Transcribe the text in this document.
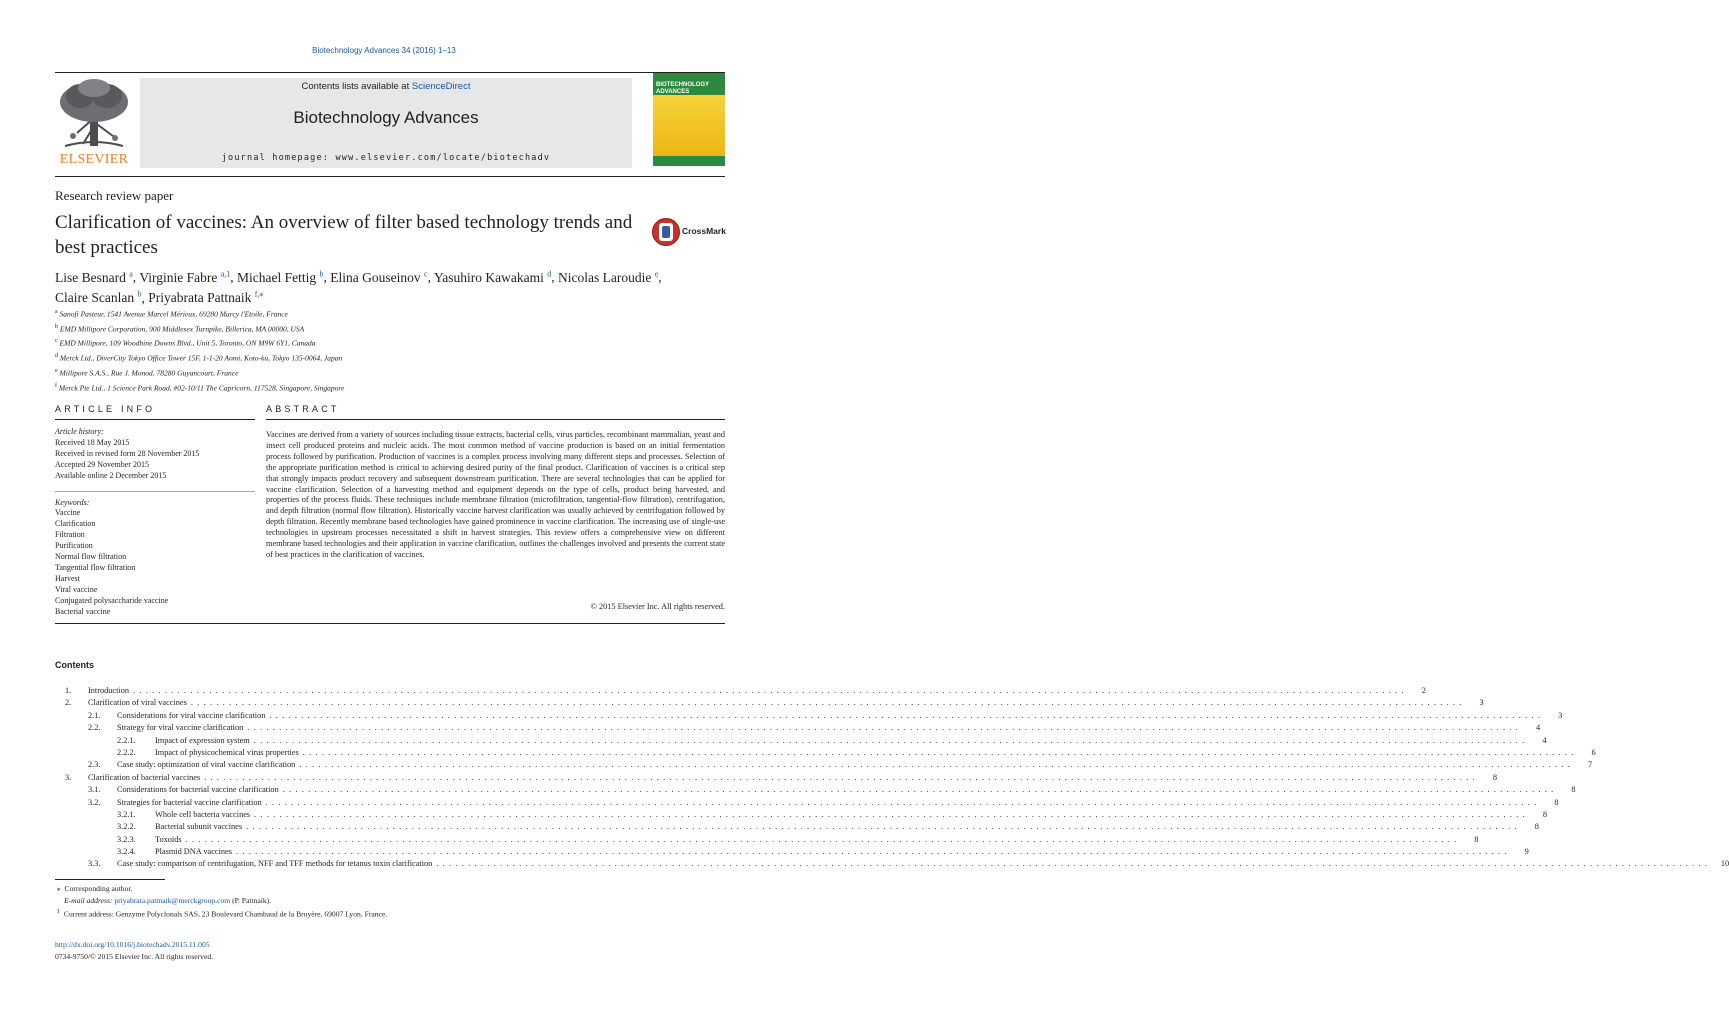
Biotechnology Advances 34 (2016) 1–13
ELSEVIER
Contents lists available at ScienceDirect
Biotechnology Advances
journal homepage: www.elsevier.com/locate/biotechadv
BIOTECHNOLOGY ADVANCES
Research review paper
Clarification of vaccines: An overview of filter based technology trends and best practices
CrossMark
Lise Besnard $^a$, Virginie Fabre $^{a,1}$, Michael Fettig $^b$, Elina Gouseinov $^c$, Yasuhiro Kawakami $^d$, Nicolas Laroudie $^e$,
Claire Scanlan $^b$, Priyabrata Pattnaik $^{f,⁎}$
$^a$ Sanofi Pasteur, 1541 Avenue Marcel Mérieux, 69280 Marcy l'Etoile, France
$^b$ EMD Millipore Corporation, 900 Middlesex Turnpike, Billerica, MA 00000, USA
$^c$ EMD Millipore, 109 Woodbine Downs Blvd., Unit 5, Toronto, ON M9W 6Y1, Canada
$^d$ Merck Ltd., DiverCity Tokyo Office Tower 15F, 1-1-20 Aomi, Koto-ku, Tokyo 135-0064, Japan
$^e$ Millipore S.A.S., Rue J. Monod, 78280 Guyancourt, France
$^f$ Merck Pte Ltd., 1 Science Park Road, #02-10/11 The Capricorn, 117528, Singapore, Singapore
ARTICLE INFO
Article history:
Received 18 May 2015
Received in revised form 28 November 2015
Accepted 29 November 2015
Available online 2 December 2015
Keywords:
Vaccine
Clarification
Filtration
Purification
Normal flow filtration
Tangential flow filtration
Harvest
Viral vaccine
Conjugated polysaccharide vaccine
Bacterial vaccine
ABSTRACT
Vaccines are derived from a variety of sources including tissue extracts, bacterial cells, virus particles, recombinant mammalian, yeast and insect cell produced proteins and nucleic acids. The most common method of vaccine production is based on an initial fermentation process followed by purification. Production of vaccines is a complex process involving many different steps and processes. Selection of the appropriate purification method is critical to achieving desired purity of the final product. Clarification of vaccines is a critical step that strongly impacts product recovery and subsequent downstream purification. There are several technologies that can be applied for vaccine clarification. Selection of a harvesting method and equipment depends on the type of cells, product being harvested, and properties of the process fluids. These techniques include membrane filtration (microfiltration, tangential-flow filtration), centrifugation, and depth filtration (normal flow filtration). Historically vaccine harvest clarification was usually achieved by centrifugation followed by depth filtration. Recently membrane based technologies have gained prominence in vaccine clarification. The increasing use of single-use technologies in upstream processes necessitated a shift in harvest strategies. This review offers a comprehensive view on different membrane based technologies and their application in vaccine clarification, outlines the challenges involved and presents the current state of best practices in the clarification of vaccines.
© 2015 Elsevier Inc. All rights reserved.
Contents
1. Introduction ........................................................................................................................................................................................................	2
2. Clarification of viral vaccines ........................................................................................................................................................................................................	3
2.1. Considerations for viral vaccine clarification ........................................................................................................................................................................................................	3
2.2. Strategy for viral vaccine clarification ........................................................................................................................................................................................................	4
2.2.1. Impact of expression system ........................................................................................................................................................................................................	4
2.2.2. Impact of physicochemical virus properties ........................................................................................................................................................................................................	6
2.3. Case study: optimization of viral vaccine clarification ........................................................................................................................................................................................................	7
3. Clarification of bacterial vaccines ........................................................................................................................................................................................................	8
3.1. Considerations for bacterial vaccine clarification ........................................................................................................................................................................................................	8
3.2. Strategies for bacterial vaccine clarification ........................................................................................................................................................................................................	8
3.2.1. Whole cell bacteria vaccines ........................................................................................................................................................................................................	8
3.2.2. Bacterial subunit vaccines ........................................................................................................................................................................................................	8
3.2.3. Toxoids ........................................................................................................................................................................................................	8
3.2.4. Plasmid DNA vaccines ........................................................................................................................................................................................................	9
3.3. Case study: comparison of centrifugation, NFF and TFF methods for tetanus toxin clarification ........................................................................................................................................................................................................	10
⁎ Corresponding author.
E-mail address: priyabrata.pattnaik@merckgroup.com (P. Pattnaik).
$^1$ Current address: Genzyme Polyclonals SAS, 23 Boulevard Chambaud de la Bruyère, 69007 Lyon, France.
http://dx.doi.org/10.1016/j.biotechadv.2015.11.005
0734-9750/© 2015 Elsevier Inc. All rights reserved.
